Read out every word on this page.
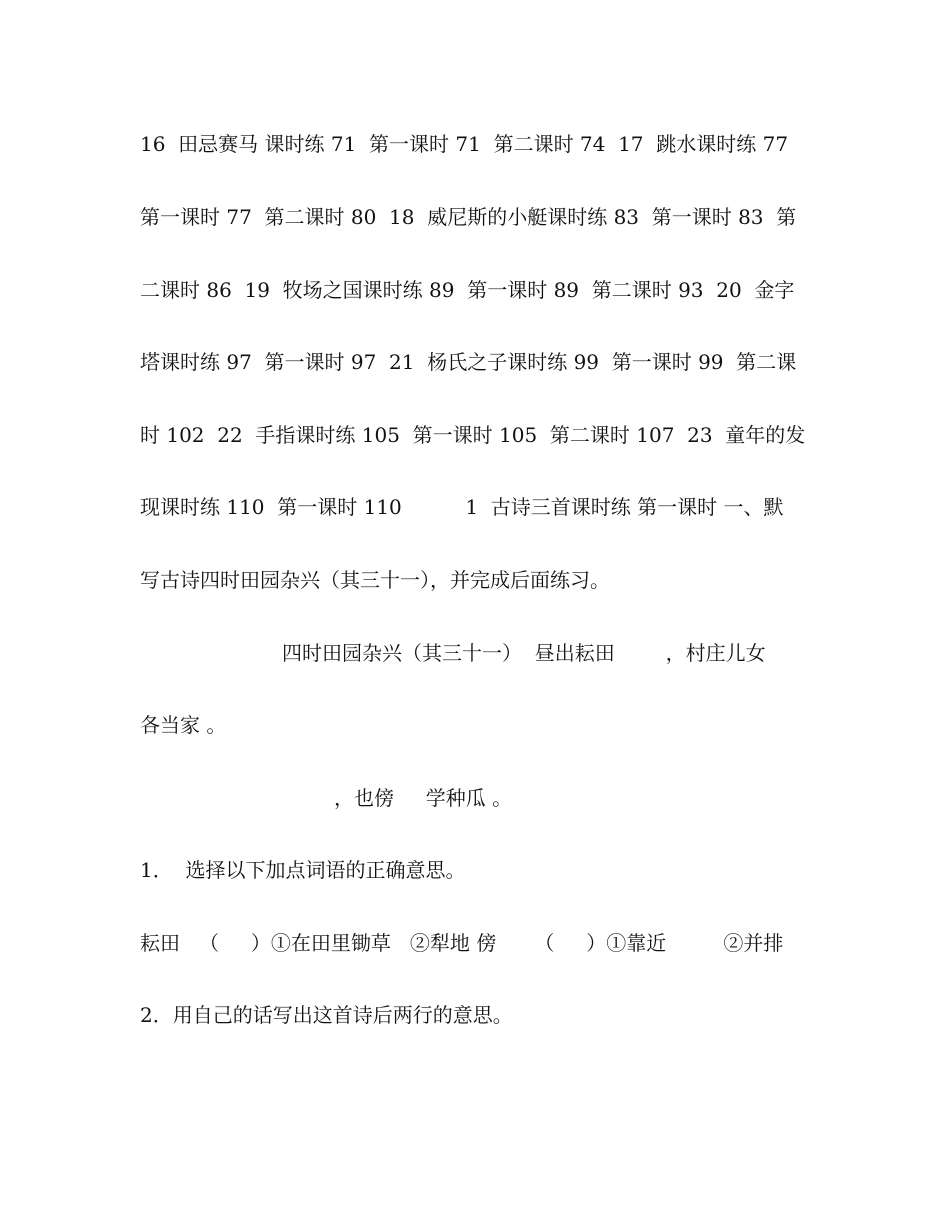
16  田忌赛马 课时练 71  第一课时 71  第二课时 74  17  跳水课时练 77
第一课时 77  第二课时 80  18  威尼斯的小艇课时练 83  第一课时 83  第
二课时 86  19  牧场之国课时练 89  第一课时 89  第二课时 93  20  金字
塔课时练 97  第一课时 97  21  杨氏之子课时练 99  第一课时 99  第二课
时 102  22  手指课时练 105  第一课时 105  第二课时 107  23  童年的发
现课时练 110  第一课时 110          1  古诗三首课时练 第一课时 一、默
写古诗四时田园杂兴（其三十一），并完成后面练习。
四时田园杂兴（其三十一）  昼出耘田        ，村庄儿女
各当家 。
，也傍     学种瓜 。
1．  选择以下加点词语的正确意思。
耘田   （     ）①在田里锄草   ②犁地 傍      （     ）①靠近         ②并排
2．用自己的话写出这首诗后两行的意思。
